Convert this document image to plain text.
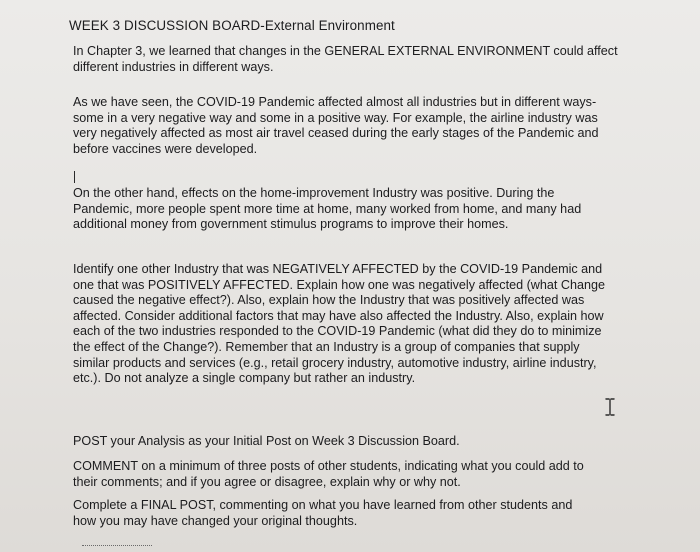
WEEK 3 DISCUSSION BOARD-External Environment

In Chapter 3, we learned that changes in the GENERAL EXTERNAL ENVIRONMENT could affect different industries in different ways.

As we have seen, the COVID-19 Pandemic affected almost all industries but in different ways-some in a very negative way and some in a positive way. For example, the airline industry was very negatively affected as most air travel ceased during the early stages of the Pandemic and before vaccines were developed.

On the other hand, effects on the home-improvement Industry was positive. During the Pandemic, more people spent more time at home, many worked from home, and many had additional money from government stimulus programs to improve their homes.

Identify one other Industry that was NEGATIVELY AFFECTED by the COVID-19 Pandemic and one that was POSITIVELY AFFECTED. Explain how one was negatively affected (what Change caused the negative effect?). Also, explain how the Industry that was positively affected was affected. Consider additional factors that may have also affected the Industry. Also, explain how each of the two industries responded to the COVID-19 Pandemic (what did they do to minimize the effect of the Change?). Remember that an Industry is a group of companies that supply similar products and services (e.g., retail grocery industry, automotive industry, airline industry, etc.). Do not analyze a single company but rather an industry.

POST your Analysis as your Initial Post on Week 3 Discussion Board.

COMMENT on a minimum of three posts of other students, indicating what you could add to their comments; and if you agree or disagree, explain why or why not.

Complete a FINAL POST, commenting on what you have learned from other students and how you may have changed your original thoughts.
